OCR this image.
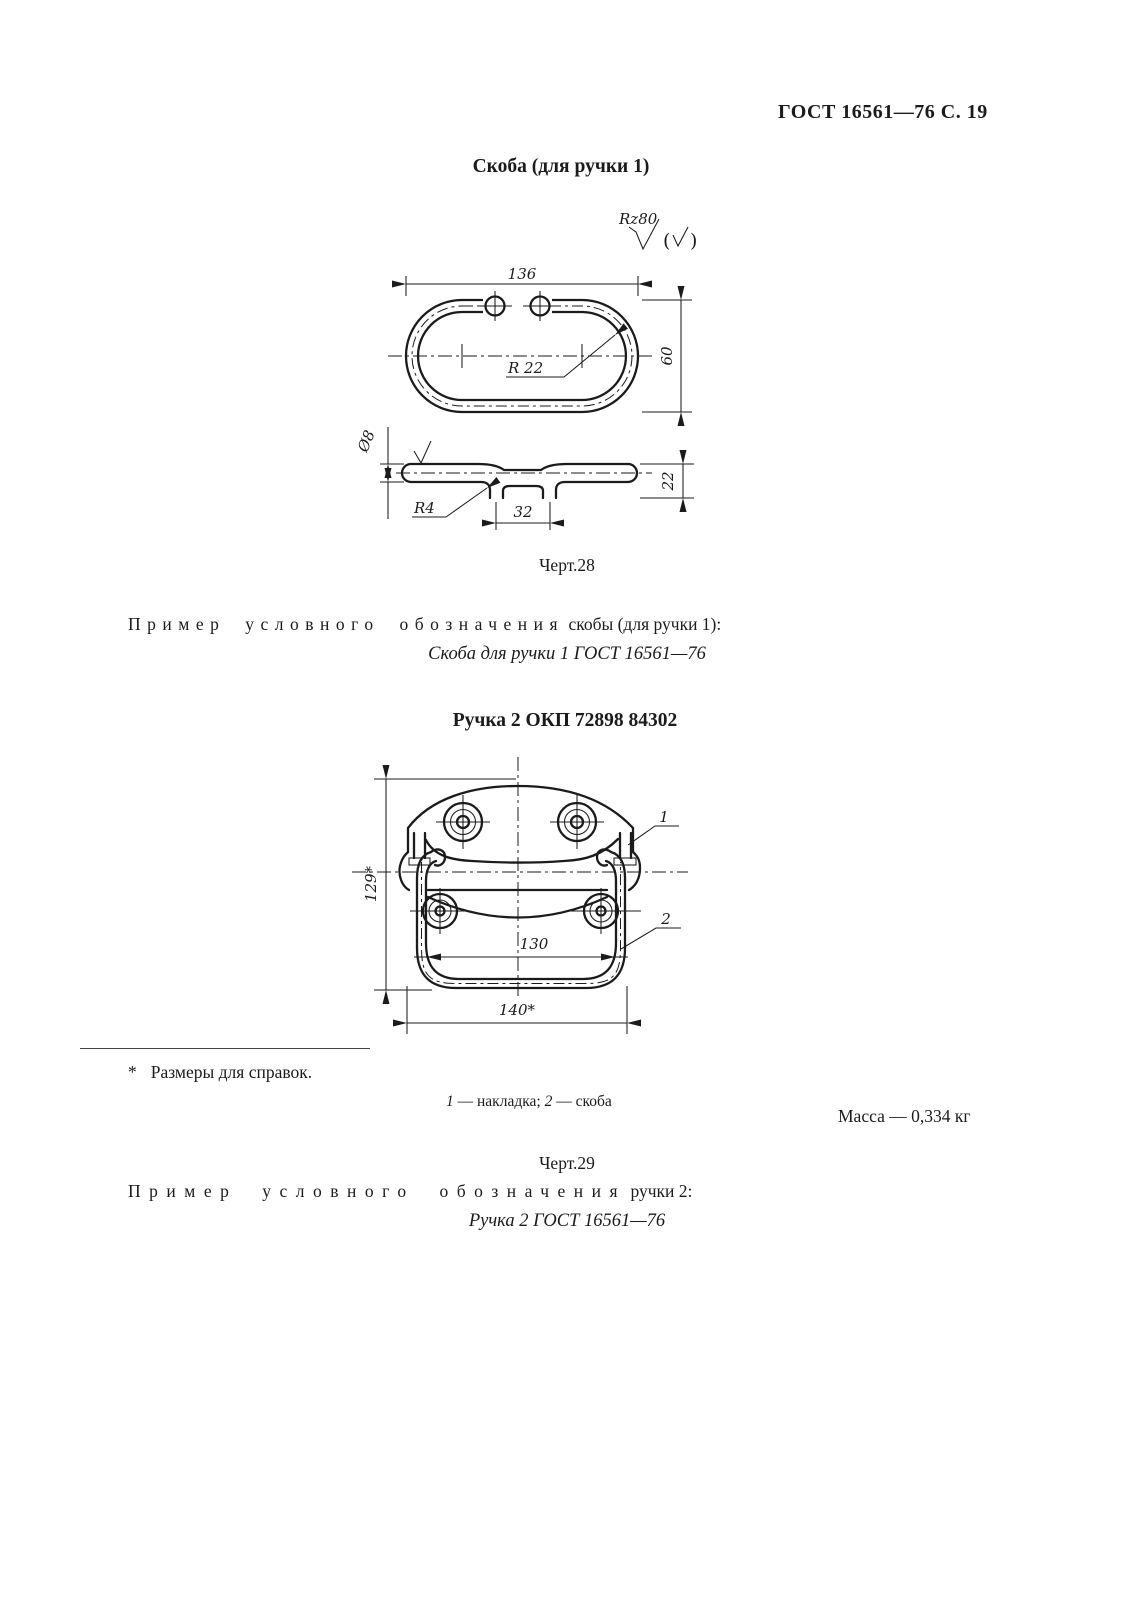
ГОСТ 16561—76 С. 19
Скоба (для ручки 1)
Rz80
( )
136
60
R 22
Ø8
R4	32
22
Черт.28
Пример условного обозначения скобы (для ручки 1):
Скоба для ручки 1 ГОСТ 16561—76
Ручка 2 ОКП 72898 84302
130
129*
140*
1
2
* Размеры для справок.
1 — накладка; 2 — скоба
Масса — 0,334 кг
Черт.29
Пример условного обозначения ручки 2:
Ручка 2 ГОСТ 16561—76
